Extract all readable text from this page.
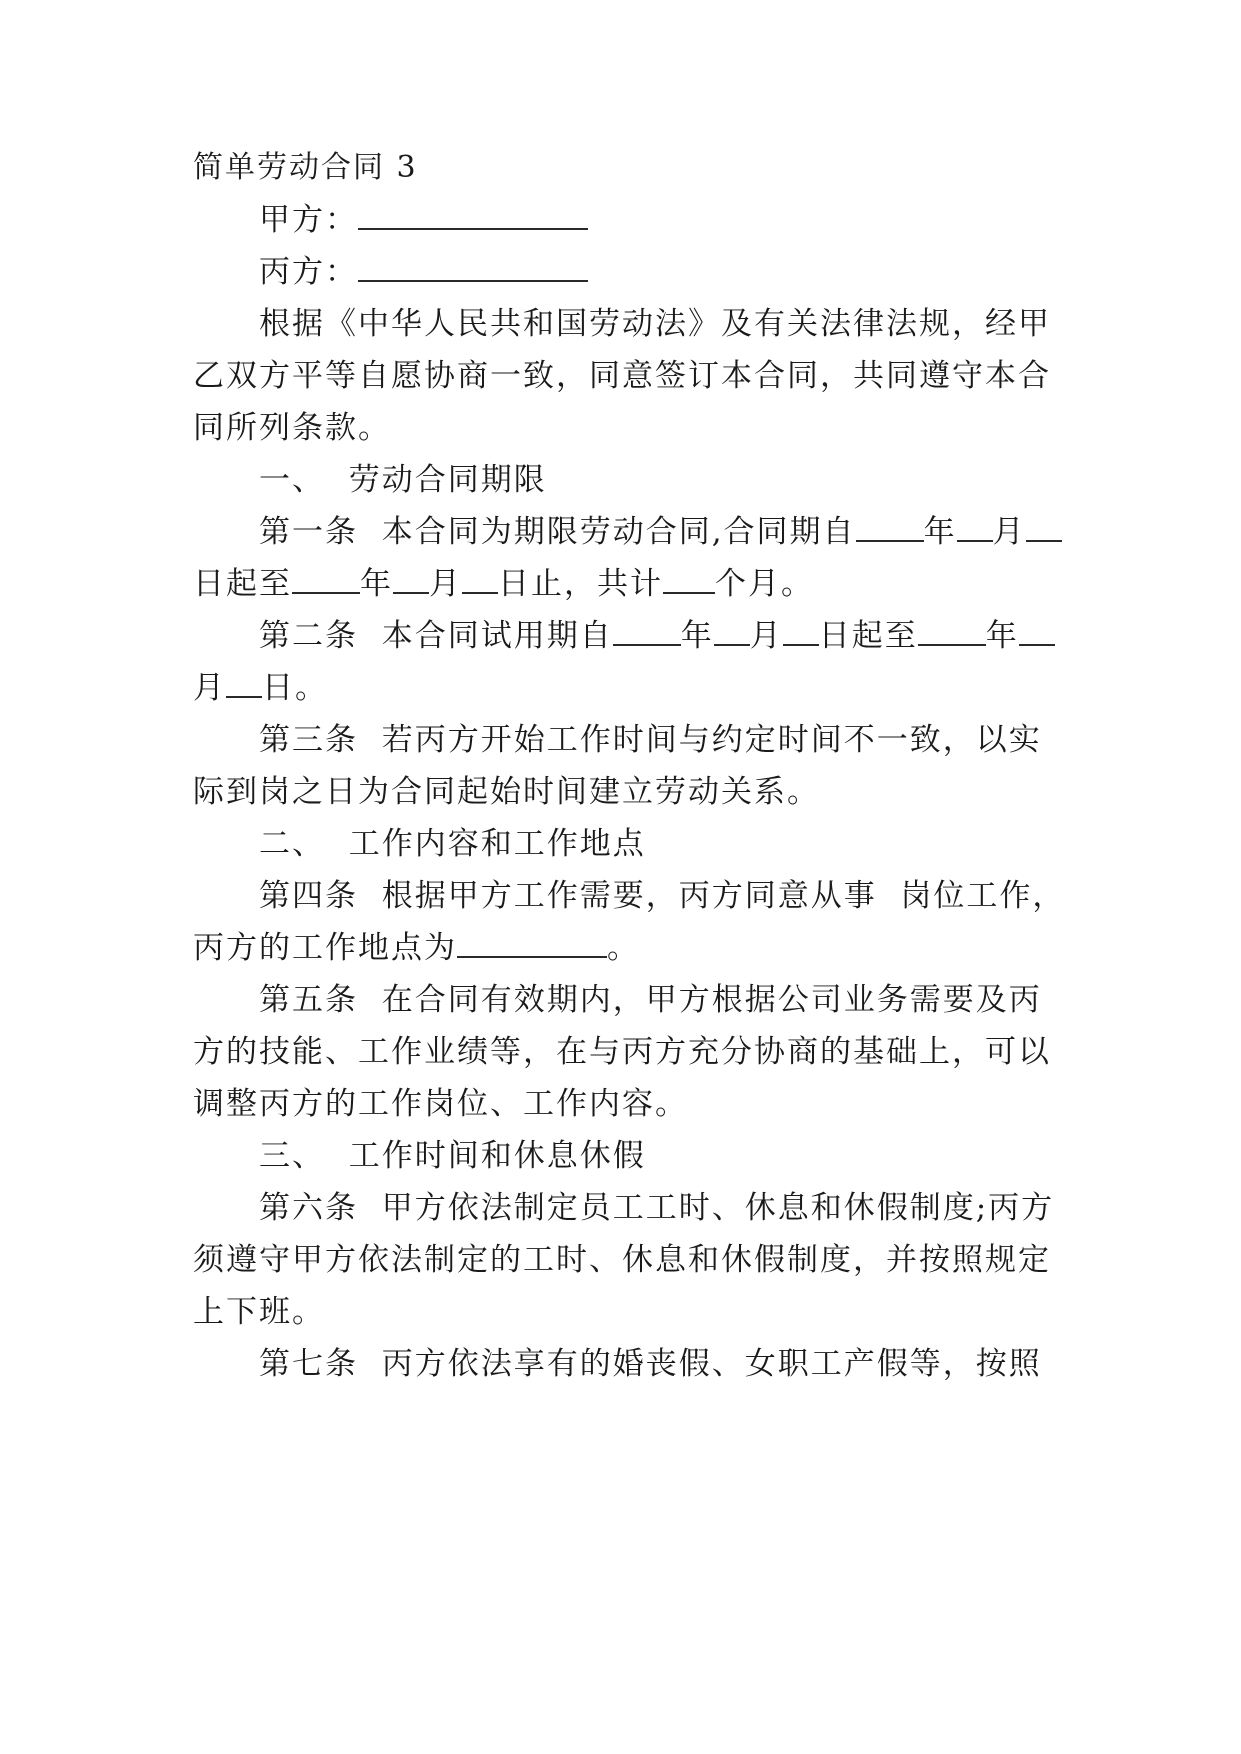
简单劳动合同 3
甲方：
丙方：
根据《中华人民共和国劳动法》及有关法律法规，经甲
乙双方平等自愿协商一致，同意签订本合同，共同遵守本合
同所列条款。
一、  劳动合同期限
第一条  本合同为期限劳动合同,合同期自 年 月
日起至 年 月 日止，共计 个月。
第二条  本合同试用期自 年 月 日起至 年
月 日。
第三条  若丙方开始工作时间与约定时间不一致，以实
际到岗之日为合同起始时间建立劳动关系。
二、  工作内容和工作地点
第四条  根据甲方工作需要，丙方同意从事  岗位工作，
丙方的工作地点为	。
第五条  在合同有效期内，甲方根据公司业务需要及丙
方的技能、工作业绩等，在与丙方充分协商的基础上，可以
调整丙方的工作岗位、工作内容。
三、  工作时间和休息休假
第六条  甲方依法制定员工工时、休息和休假制度;丙方
须遵守甲方依法制定的工时、休息和休假制度，并按照规定
上下班。
第七条  丙方依法享有的婚丧假、女职工产假等，按照
